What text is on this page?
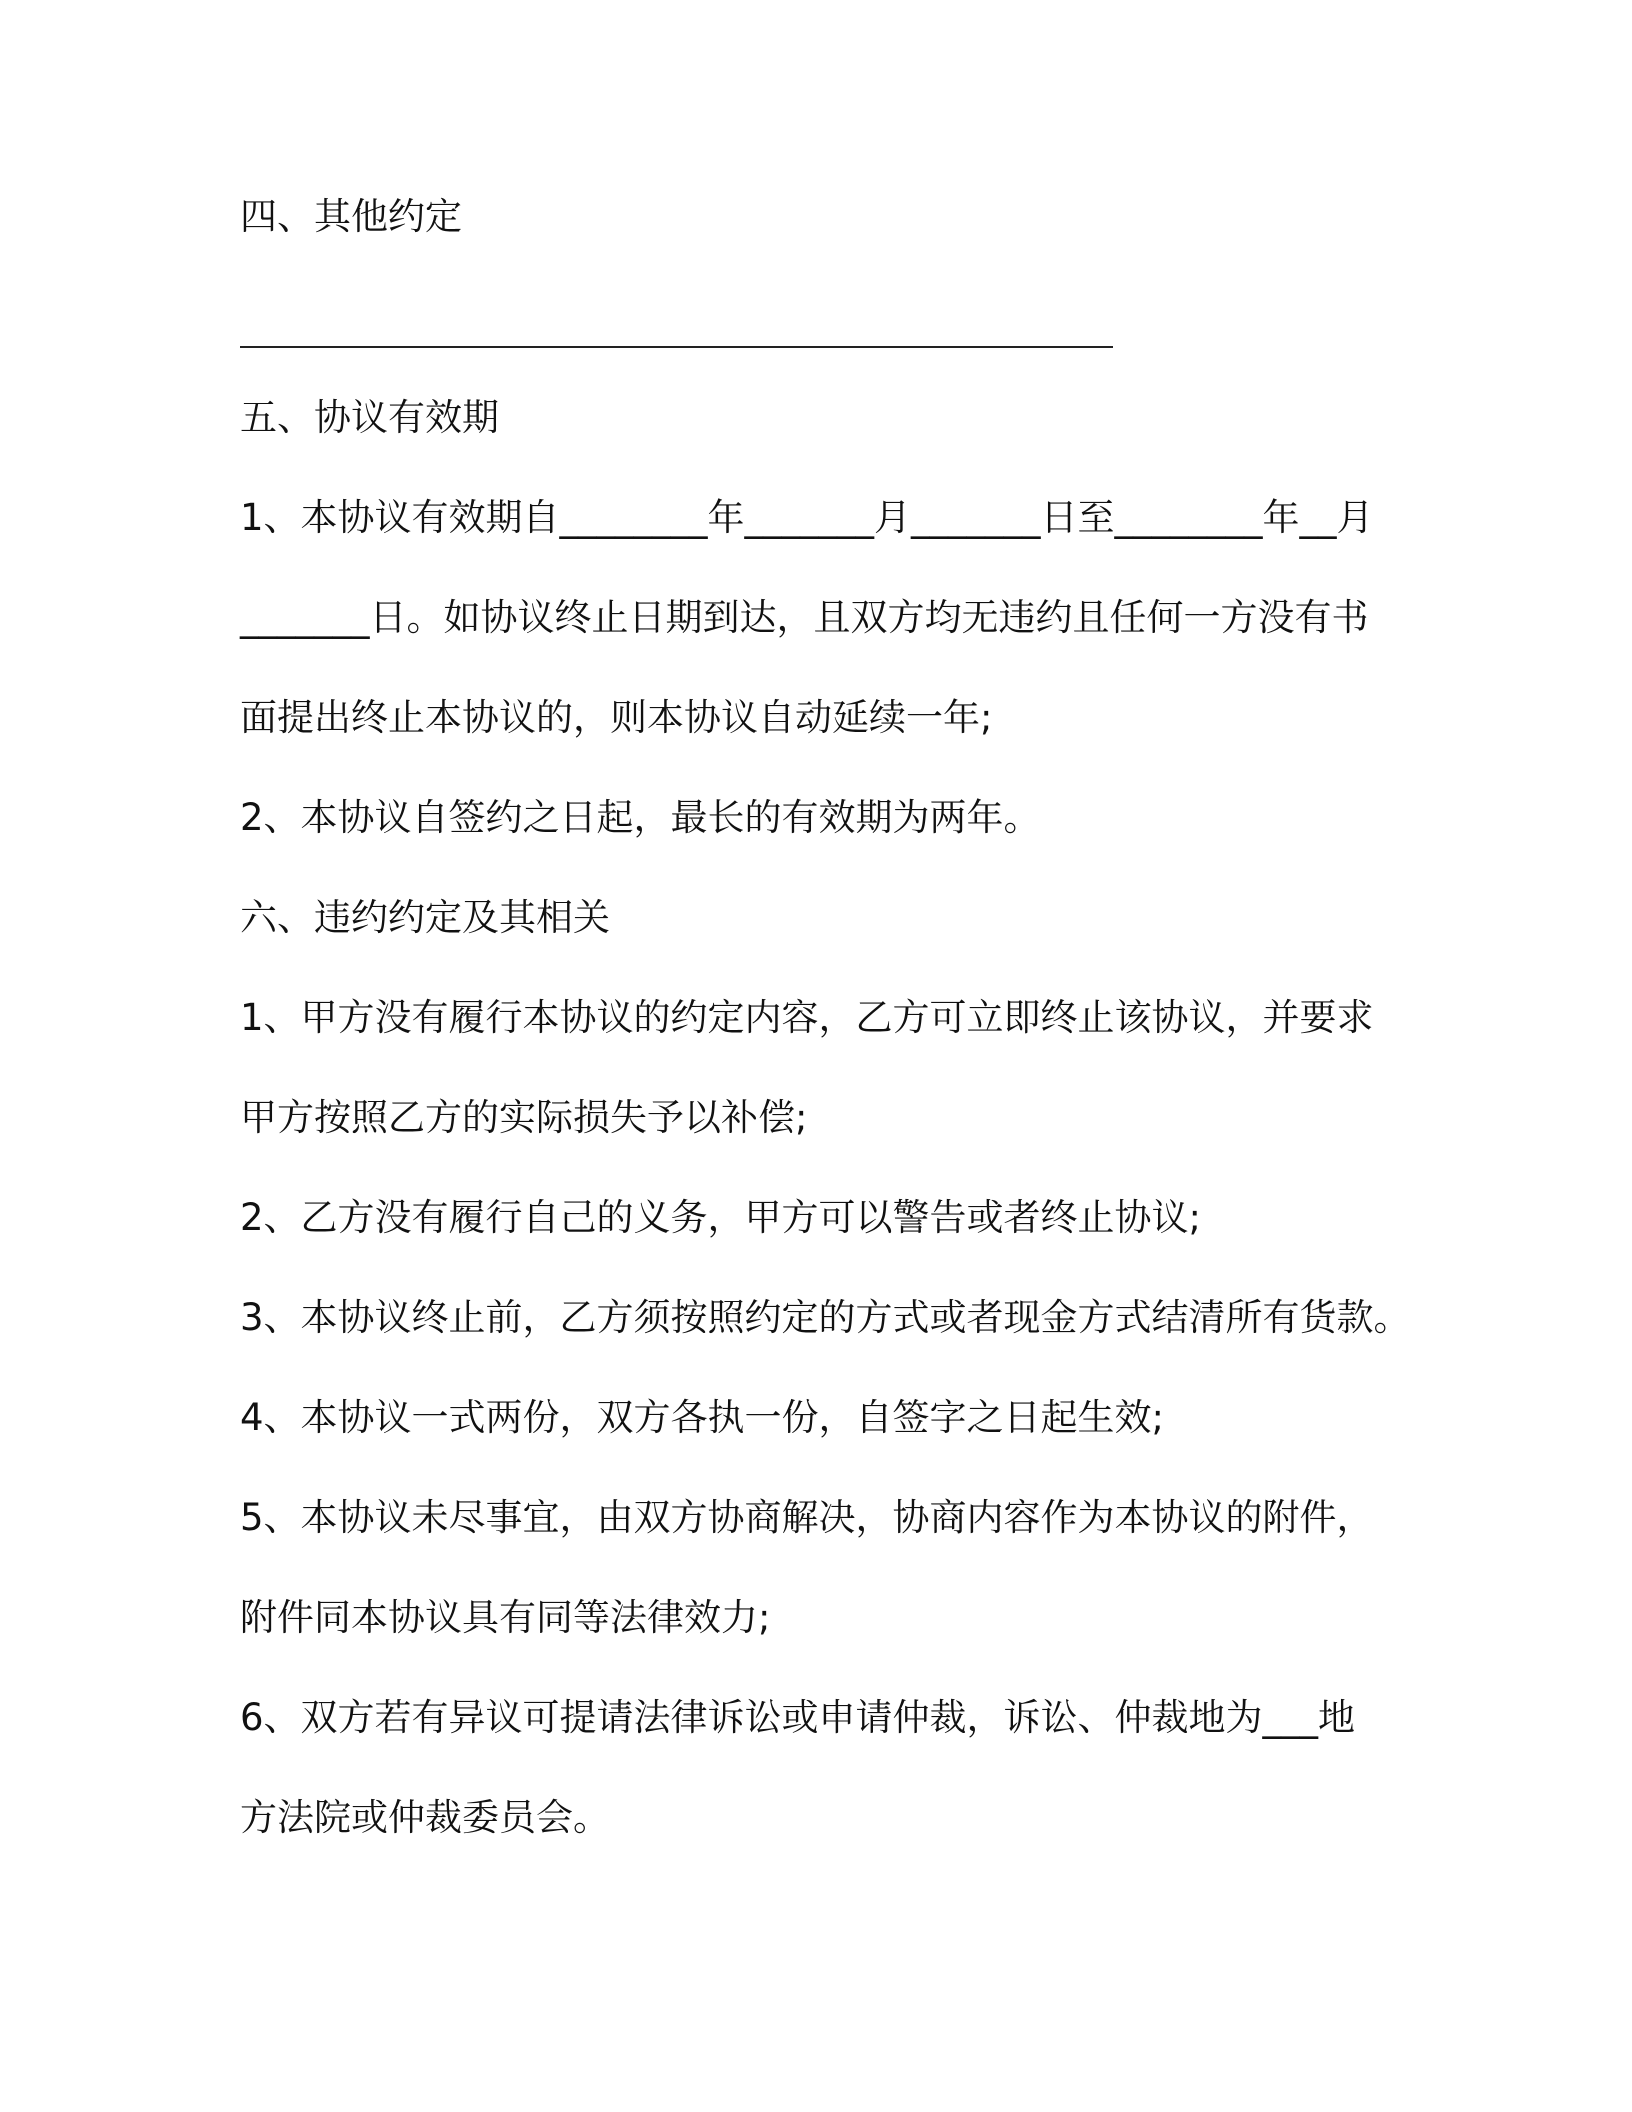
四、其他约定
五、协议有效期
1、本协议有效期自________年_______月_______日至________年__月
_______日。如协议终止日期到达，且双方均无违约且任何一方没有书
面提出终止本协议的，则本协议自动延续一年;
2、本协议自签约之日起，最长的有效期为两年。
六、违约约定及其相关
1、甲方没有履行本协议的约定内容，乙方可立即终止该协议，并要求
甲方按照乙方的实际损失予以补偿;
2、乙方没有履行自己的义务，甲方可以警告或者终止协议;
3、本协议终止前，乙方须按照约定的方式或者现金方式结清所有货款。
4、本协议一式两份，双方各执一份，自签字之日起生效;
5、本协议未尽事宜，由双方协商解决，协商内容作为本协议的附件，
附件同本协议具有同等法律效力;
6、双方若有异议可提请法律诉讼或申请仲裁，诉讼、仲裁地为___地
方法院或仲裁委员会。
